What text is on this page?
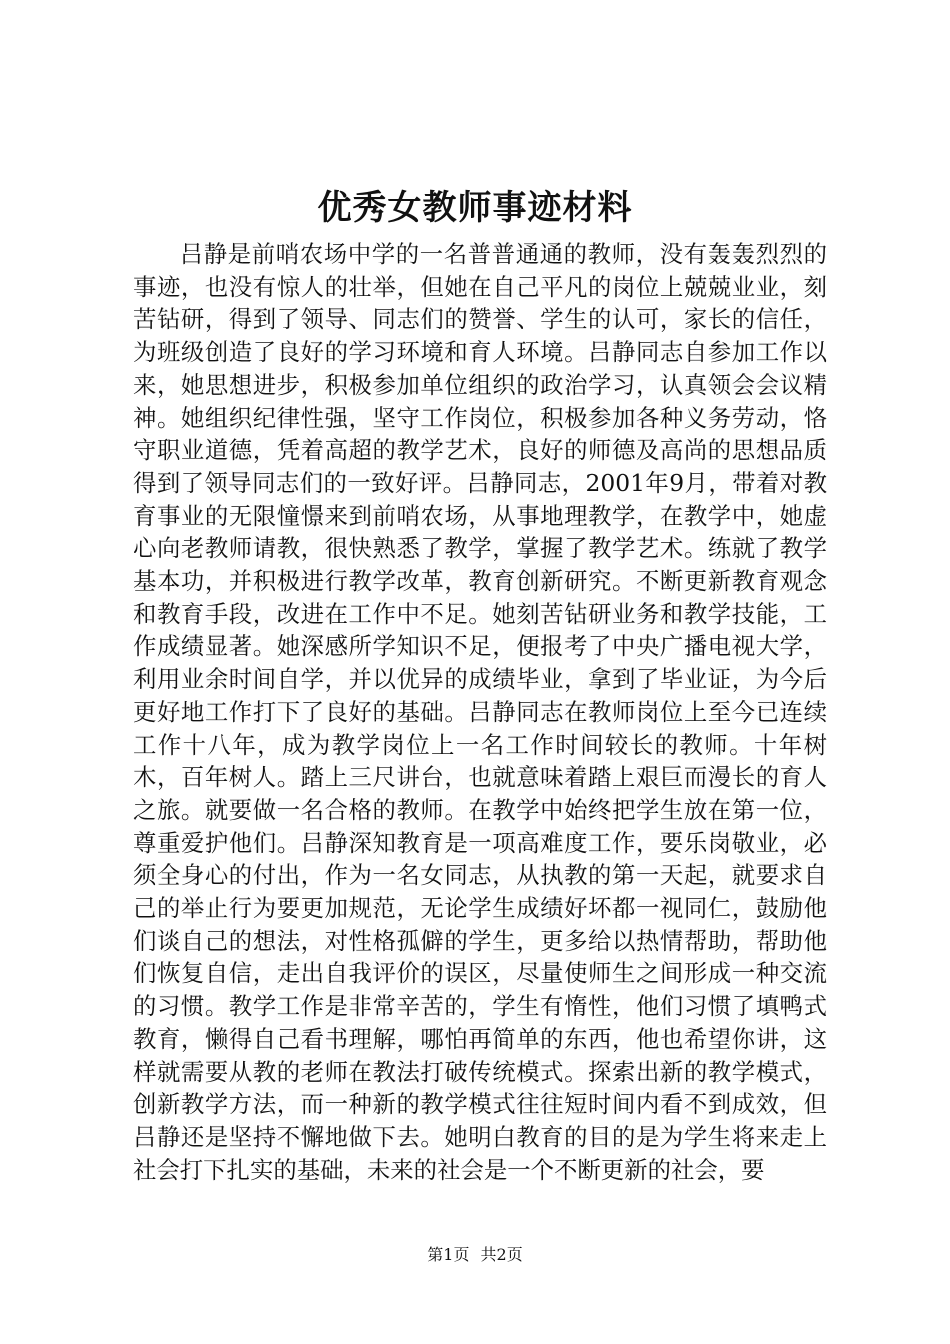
优秀女教师事迹材料

吕静是前哨农场中学的一名普普通通的教师，没有轰轰烈烈的事迹，也没有惊人的壮举，但她在自己平凡的岗位上兢兢业业，刻苦钻研，得到了领导、同志们的赞誉、学生的认可，家长的信任，为班级创造了良好的学习环境和育人环境。吕静同志自参加工作以来，她思想进步，积极参加单位组织的政治学习，认真领会会议精神。她组织纪律性强，坚守工作岗位，积极参加各种义务劳动，恪守职业道德，凭着高超的教学艺术，良好的师德及高尚的思想品质得到了领导同志们的一致好评。吕静同志，2001年9月，带着对教育事业的无限憧憬来到前哨农场，从事地理教学，在教学中，她虚心向老教师请教，很快熟悉了教学，掌握了教学艺术。练就了教学基本功，并积极进行教学改革，教育创新研究。不断更新教育观念和教育手段，改进在工作中不足。她刻苦钻研业务和教学技能，工作成绩显著。她深感所学知识不足，便报考了中央广播电视大学，利用业余时间自学，并以优异的成绩毕业，拿到了毕业证，为今后更好地工作打下了良好的基础。吕静同志在教师岗位上至今已连续工作十八年，成为教学岗位上一名工作时间较长的教师。十年树木，百年树人。踏上三尺讲台，也就意味着踏上艰巨而漫长的育人之旅。就要做一名合格的教师。在教学中始终把学生放在第一位，尊重爱护他们。吕静深知教育是一项高难度工作，要乐岗敬业，必须全身心的付出，作为一名女同志，从执教的第一天起，就要求自己的举止行为要更加规范，无论学生成绩好坏都一视同仁，鼓励他们谈自己的想法，对性格孤僻的学生，更多给以热情帮助，帮助他们恢复自信，走出自我评价的误区，尽量使师生之间形成一种交流的习惯。教学工作是非常辛苦的，学生有惰性，他们习惯了填鸭式教育，懒得自己看书理解，哪怕再简单的东西，他也希望你讲，这样就需要从教的老师在教法打破传统模式。探索出新的教学模式，创新教学方法，而一种新的教学模式往往短时间内看不到成效，但吕静还是坚持不懈地做下去。她明白教育的目的是为学生将来走上社会打下扎实的基础，未来的社会是一个不断更新的社会，要

第1页 共2页
